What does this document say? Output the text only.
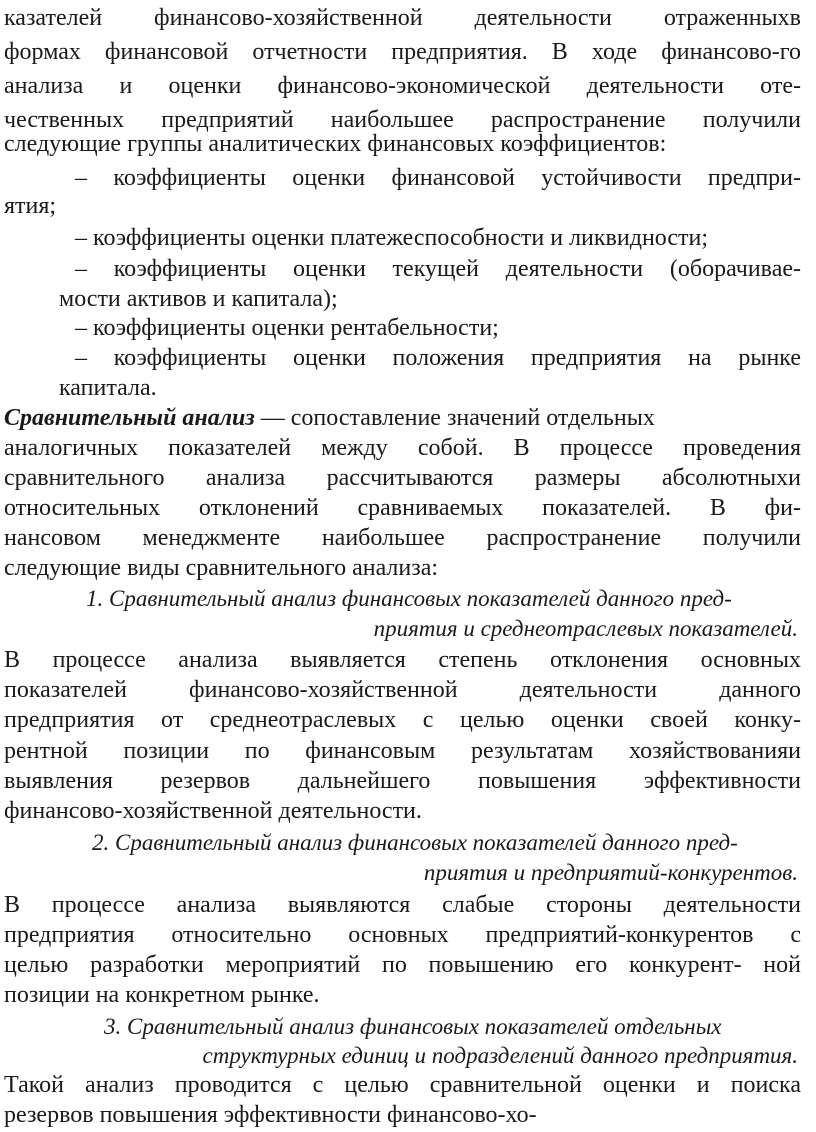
казателей финансово-хозяйственной деятельности отраженныхв
формах финансовой отчетности предприятия. В ходе финансово-го
анализа и оценки финансово-экономической деятельности оте-
чественных предприятий наибольшее распространение получили
следующие группы аналитических финансовых коэффициентов:
– коэффициенты оценки финансовой устойчивости предпри-
ятия;
– коэффициенты оценки платежеспособности и ликвидности;
– коэффициенты оценки текущей деятельности (оборачивае-
мости активов и капитала);
– коэффициенты оценки рентабельности;
– коэффициенты оценки положения предприятия на рынке
капитала.
Сравнительный анализ — сопоставление значений отдельных
аналогичных показателей между собой. В процессе проведения
сравнительного анализа рассчитываются размеры абсолютныхи
относительных отклонений сравниваемых показателей. В фи-
нансовом менеджменте наибольшее распространение получили
следующие виды сравнительного анализа:
1. Сравнительный анализ финансовых показателей данного пред-
приятия и среднеотраслевых показателей.
В процессе анализа выявляется степень отклонения основных
показателей финансово-хозяйственной деятельности данного
предприятия от среднеотраслевых с целью оценки своей конку-
рентной позиции по финансовым результатам хозяйствованияи
выявления резервов дальнейшего повышения эффективности
финансово-хозяйственной деятельности.
2. Сравнительный анализ финансовых показателей данного пред-
приятия и предприятий-конкурентов.
В процессе анализа выявляются слабые стороны деятельности
предприятия относительно основных предприятий-конкурентов с
целью разработки мероприятий по повышению его конкурент- ной
позиции на конкретном рынке.
3. Сравнительный анализ финансовых показателей отдельных
структурных единиц и подразделений данного предприятия.
Такой анализ проводится с целью сравнительной оценки и поиска
резервов повышения эффективности финансово-хо-
